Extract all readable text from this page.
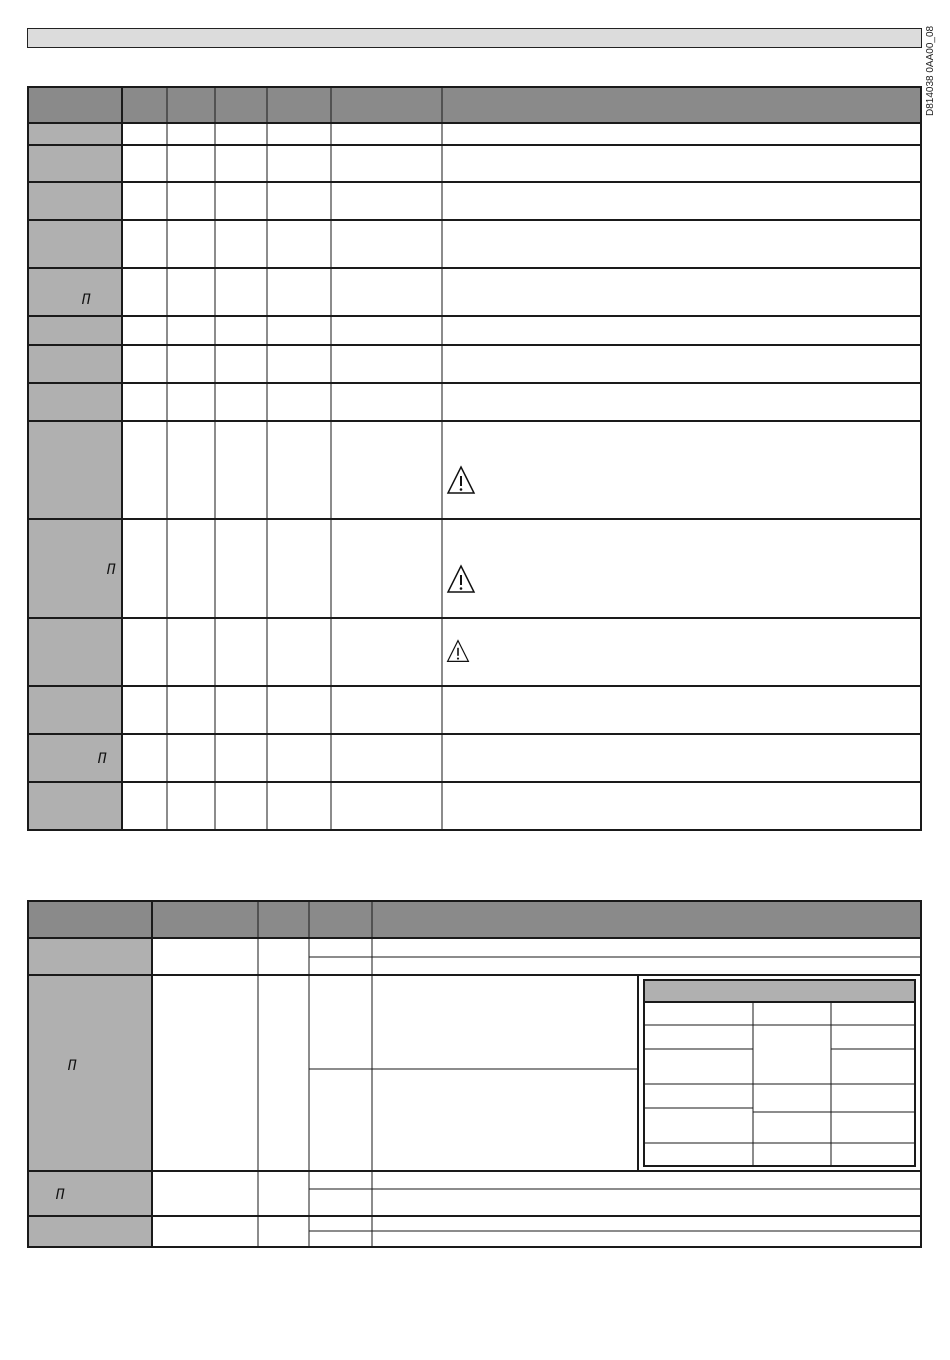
D814038 0AA00_08
Π
Π
Π
Π
Π
